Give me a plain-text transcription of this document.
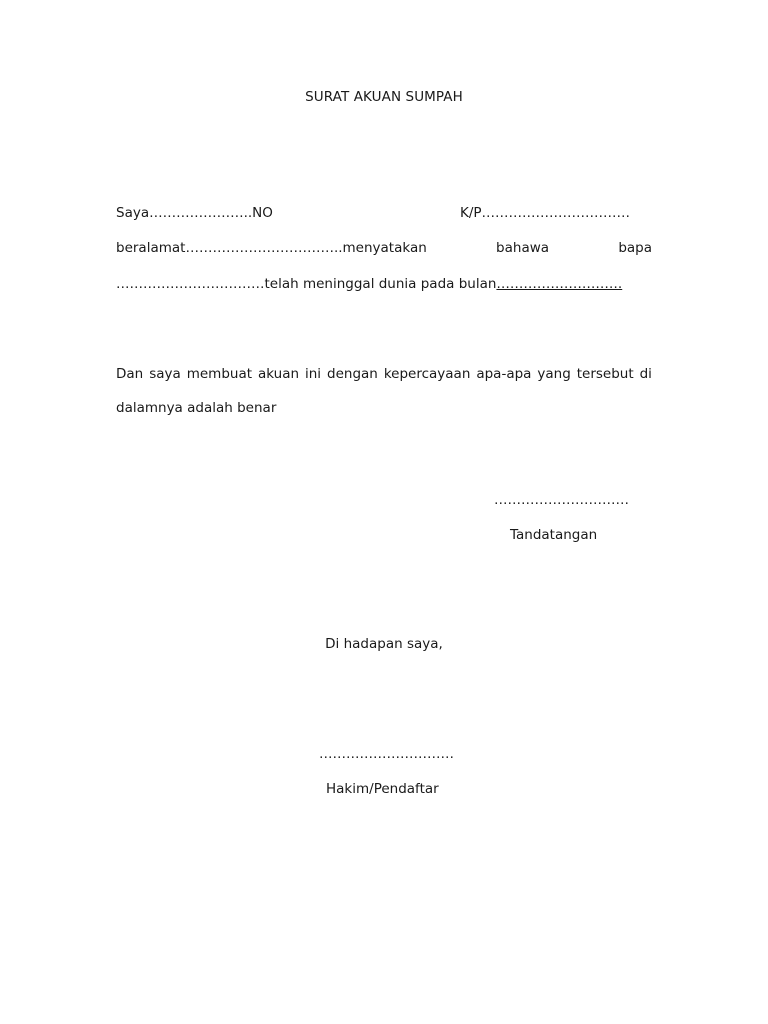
SURAT AKUAN SUMPAH
Saya…………………..NO	K/P……………………………
beralamat……………………………..menyatakan	bahawa	bapa
……………………………telah meninggal dunia pada bulan……………………….
Dan saya membuat akuan ini dengan kepercayaan apa-apa yang tersebut di
dalamnya adalah benar
…………………………
Tandatangan
Di hadapan saya,
…………………………
Hakim/Pendaftar
